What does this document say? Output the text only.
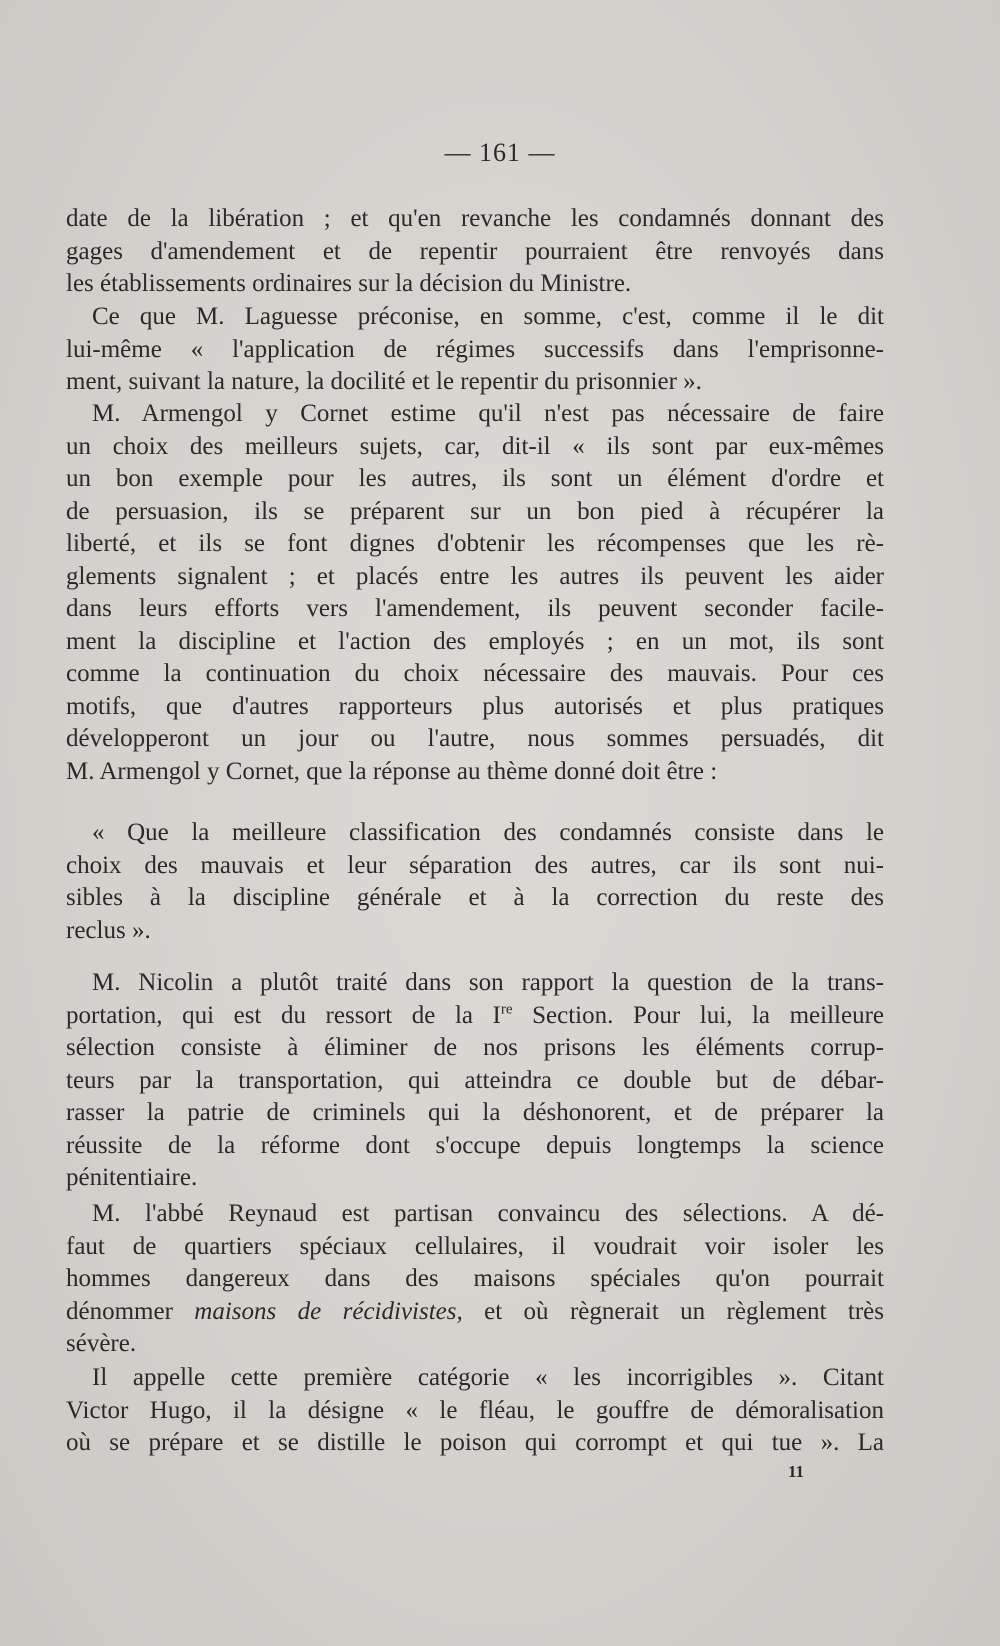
— 161 —

date de la libération ; et qu'en revanche les condamnés donnant des

gages d'amendement et de repentir pourraient être renvoyés dans

les établissements ordinaires sur la décision du Ministre.

Ce que M. Laguesse préconise, en somme, c'est, comme il le dit

lui-même « l'application de régimes successifs dans l'emprisonne-

ment, suivant la nature, la docilité et le repentir du prisonnier ».

M. Armengol y Cornet estime qu'il n'est pas nécessaire de faire

un choix des meilleurs sujets, car, dit-il « ils sont par eux-mêmes

un bon exemple pour les autres, ils sont un élément d'ordre et

de persuasion, ils se préparent sur un bon pied à récupérer la

liberté, et ils se font dignes d'obtenir les récompenses que les rè-

glements signalent ; et placés entre les autres ils peuvent les aider

dans leurs efforts vers l'amendement, ils peuvent seconder facile-

ment la discipline et l'action des employés ; en un mot, ils sont

comme la continuation du choix nécessaire des mauvais. Pour ces

motifs, que d'autres rapporteurs plus autorisés et plus pratiques

développeront un jour ou l'autre, nous sommes persuadés, dit

M. Armengol y Cornet, que la réponse au thème donné doit être :

« Que la meilleure classification des condamnés consiste dans le

choix des mauvais et leur séparation des autres, car ils sont nui-

sibles à la discipline générale et à la correction du reste des

reclus ».

M. Nicolin a plutôt traité dans son rapport la question de la trans-

portation, qui est du ressort de la Ire Section. Pour lui, la meilleure

sélection consiste à éliminer de nos prisons les éléments corrup-

teurs par la transportation, qui atteindra ce double but de débar-

rasser la patrie de criminels qui la déshonorent, et de préparer la

réussite de la réforme dont s'occupe depuis longtemps la science

pénitentiaire.

M. l'abbé Reynaud est partisan convaincu des sélections. A dé-

faut de quartiers spéciaux cellulaires, il voudrait voir isoler les

hommes dangereux dans des maisons spéciales qu'on pourrait

dénommer maisons de récidivistes, et où règnerait un règlement très

sévère.

Il appelle cette première catégorie « les incorrigibles ». Citant

Victor Hugo, il la désigne « le fléau, le gouffre de démoralisation

où se prépare et se distille le poison qui corrompt et qui tue ». La

11
